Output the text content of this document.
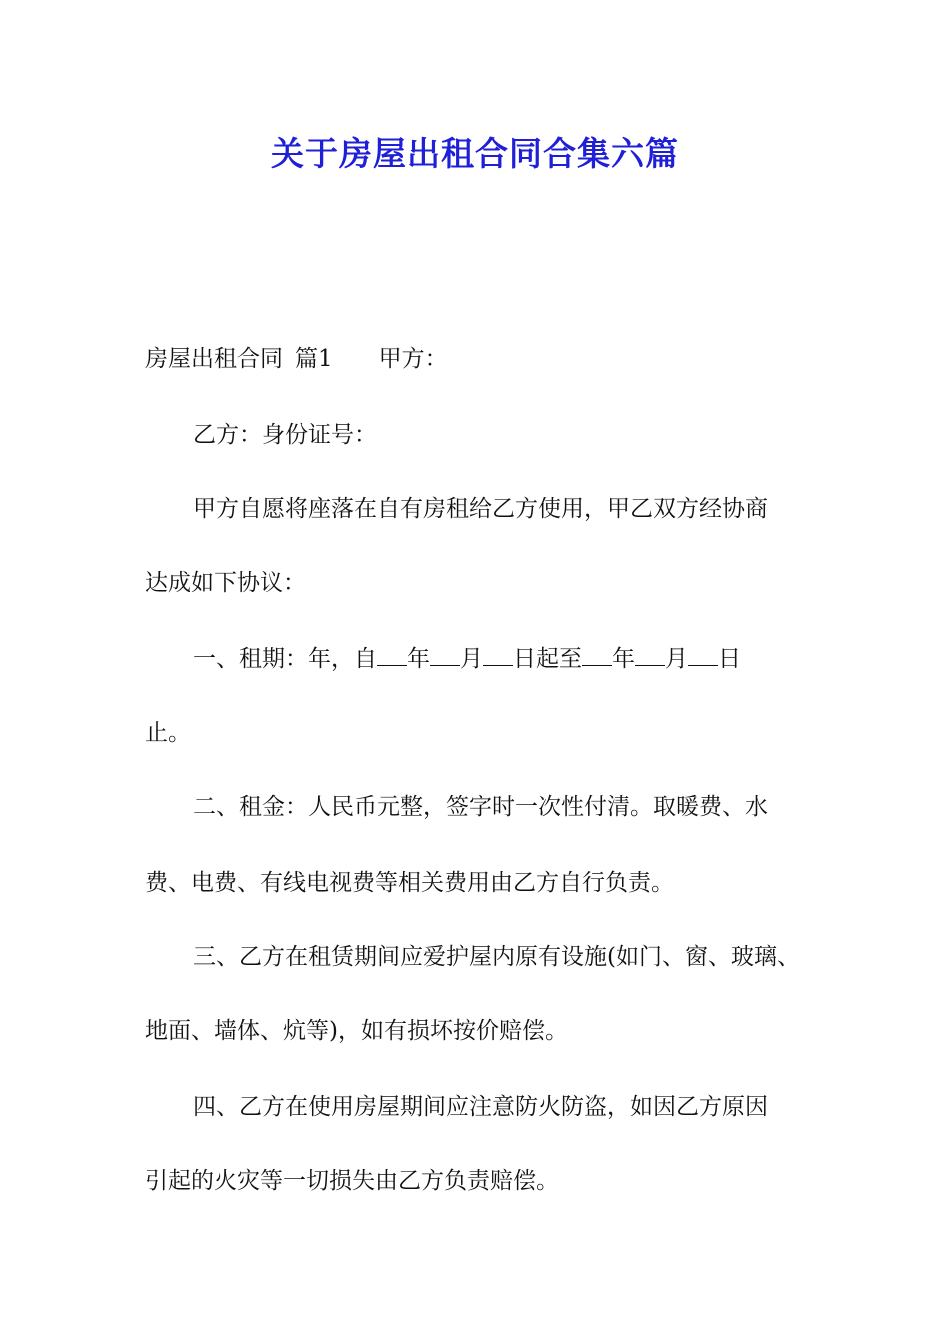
关于房屋出租合同合集六篇
房屋出租合同 篇1 甲方：
乙方：身份证号：
甲方自愿将座落在自有房租给乙方使用，甲乙双方经协商
达成如下协议：
一、租期：年，自 年 月 日起至 年 月 日
止。
二、租金：人民币元整，签字时一次性付清。取暖费、水
费、电费、有线电视费等相关费用由乙方自行负责。
三、乙方在租赁期间应爱护屋内原有设施(如门、窗、玻璃、
地面、墙体、炕等)，如有损坏按价赔偿。
四、乙方在使用房屋期间应注意防火防盗，如因乙方原因
引起的火灾等一切损失由乙方负责赔偿。
